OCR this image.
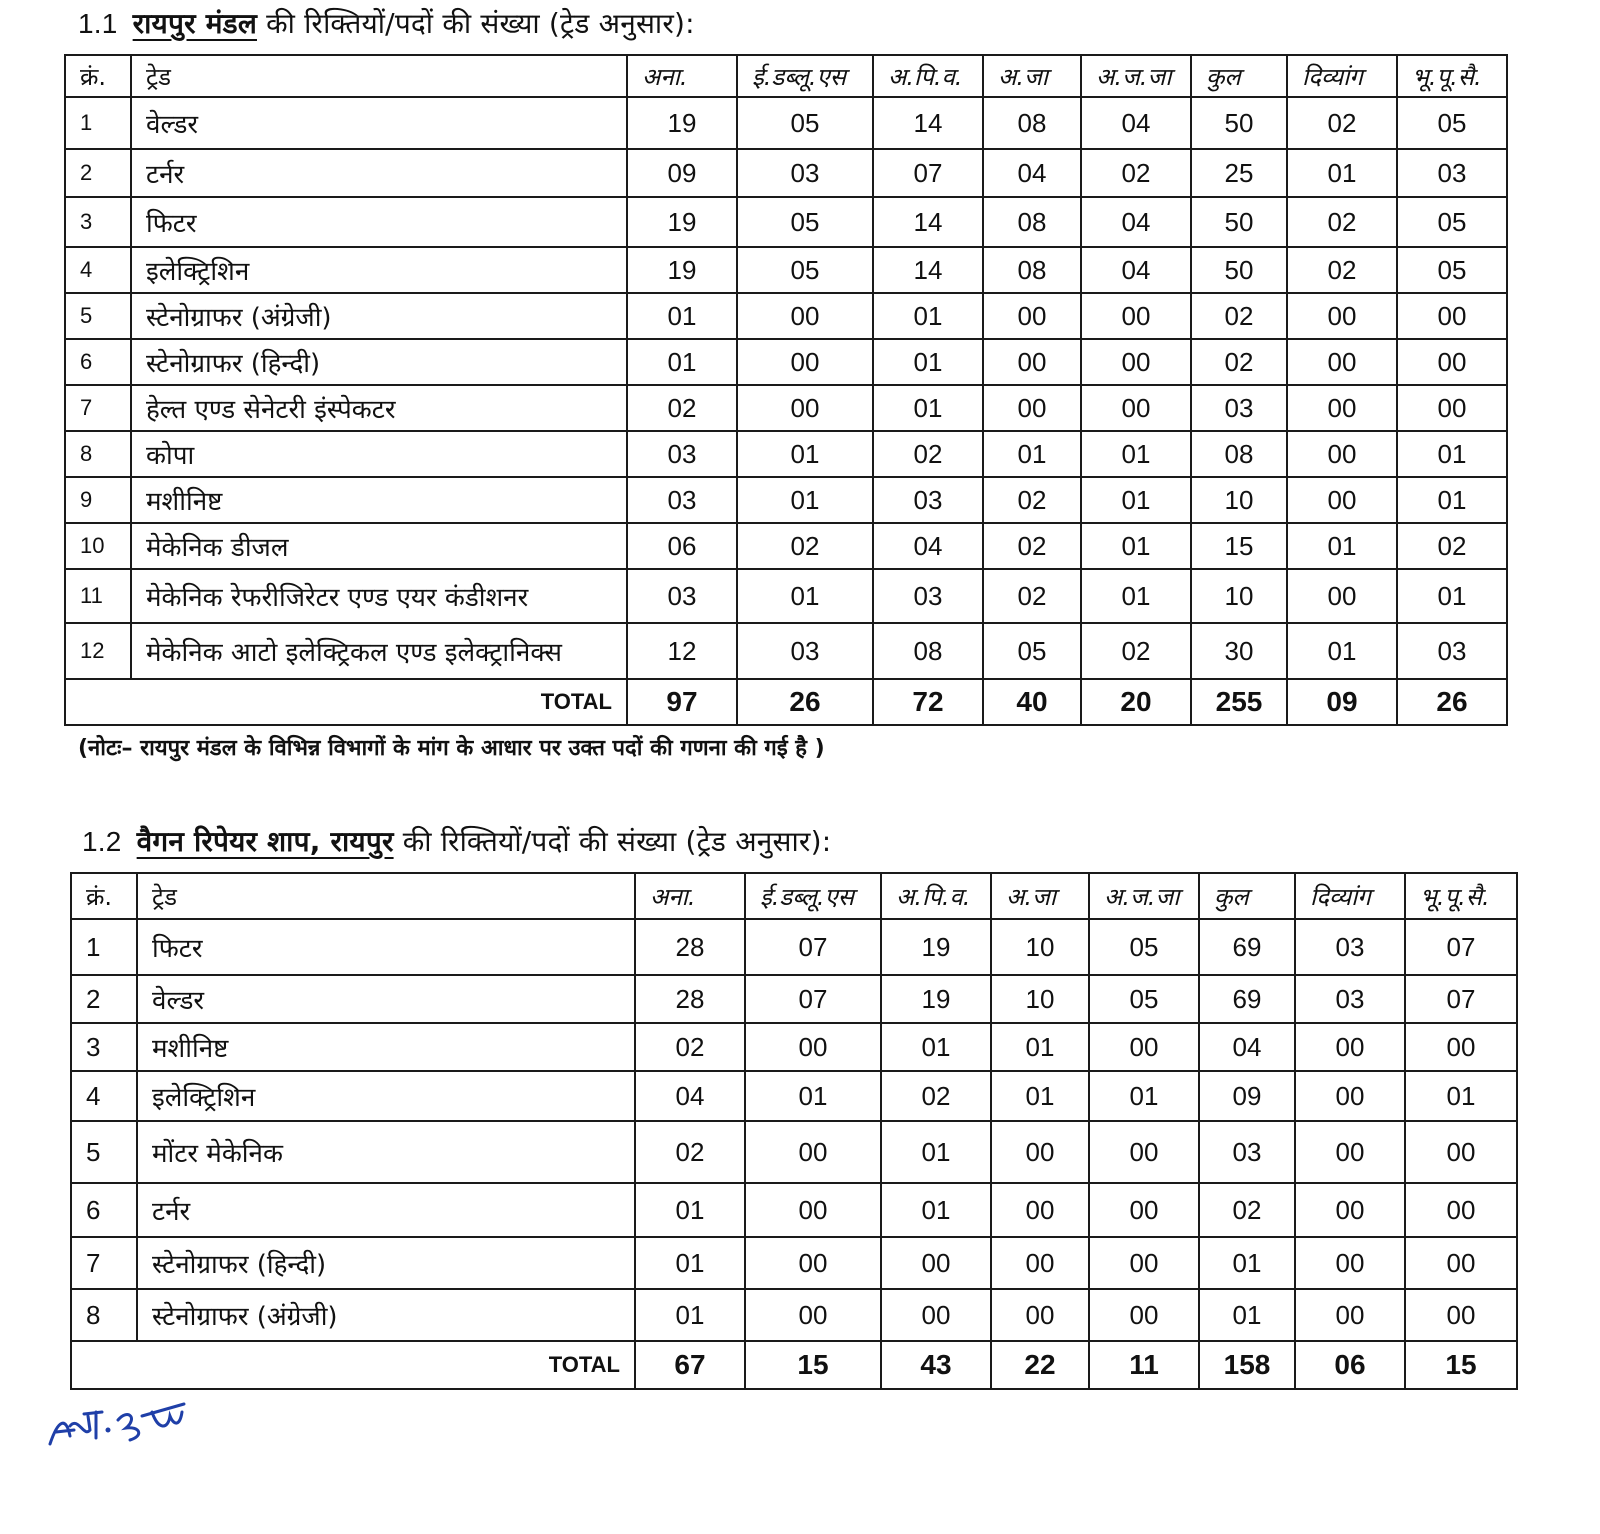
1.1 रायपुर मंडल की रिक्तियों/पदों की संख्या (ट्रेड अनुसार):
क्रं.	ट्रेड	अना.	ई.डब्लू.एस	अ.पि.व.	अ.जा	अ.ज.जा	कुल	दिव्यांग	भू.पू.सै.
1	वेल्डर	19	05	14	08	04	50	02	05
2	टर्नर	09	03	07	04	02	25	01	03
3	फिटर	19	05	14	08	04	50	02	05
4	इलेक्ट्रिशिन	19	05	14	08	04	50	02	05
5	स्टेनोग्राफर (अंग्रेजी)	01	00	01	00	00	02	00	00
6	स्टेनोग्राफर (हिन्दी)	01	00	01	00	00	02	00	00
7	हेल्त एण्ड सेनेटरी इंस्पेकटर	02	00	01	00	00	03	00	00
8	कोपा	03	01	02	01	01	08	00	01
9	मशीनिष्ट	03	01	03	02	01	10	00	01
10	मेकेनिक डीजल	06	02	04	02	01	15	01	02
11	मेकेनिक रेफरीजिरेटर एण्ड एयर कंडीशनर	03	01	03	02	01	10	00	01
12	मेकेनिक आटो इलेक्ट्रिकल एण्ड इलेक्ट्रानिक्स	12	03	08	05	02	30	01	03
TOTAL		97	26	72	40	20	255	09	26
(नोटः– रायपुर मंडल के विभिन्न विभागों के मांग के आधार पर उक्त पदों की गणना की गई है )
1.2 वैगन रिपेयर शाप, रायपुर की रिक्तियों/पदों की संख्या (ट्रेड अनुसार):
क्रं.	ट्रेड	अना.	ई.डब्लू.एस	अ.पि.व.	अ.जा	अ.ज.जा	कुल	दिव्यांग	भू.पू.सै.
1	फिटर	28	07	19	10	05	69	03	07
2	वेल्डर	28	07	19	10	05	69	03	07
3	मशीनिष्ट	02	00	01	01	00	04	00	00
4	इलेक्ट्रिशिन	04	01	02	01	01	09	00	01
5	मोंटर मेकेनिक	02	00	01	00	00	03	00	00
6	टर्नर	01	00	01	00	00	02	00	00
7	स्टेनोग्राफर (हिन्दी)	01	00	00	00	00	01	00	00
8	स्टेनोग्राफर (अंग्रेजी)	01	00	00	00	00	01	00	00
TOTAL		67	15	43	22	11	158	06	15
